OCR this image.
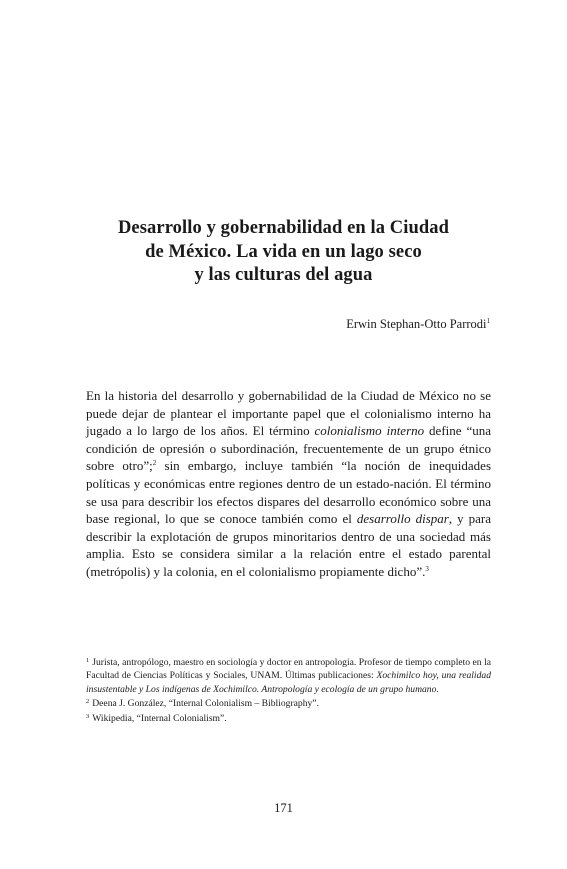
Desarrollo y gobernabilidad en la Ciudad
de México. La vida en un lago seco
y las culturas del agua
Erwin Stephan-Otto Parrodi$^1$

En la historia del desarrollo y gobernabilidad de la Ciudad de México no se puede dejar de plantear el importante papel que el colonialismo interno ha jugado a lo largo de los años. El término colonialismo interno define “una condición de opresión o subordinación, frecuentemente de un grupo étnico sobre otro”;$^2$ sin embargo, incluye también “la noción de inequidades políticas y económicas entre regiones dentro de un estado-nación. El término se usa para describir los efectos dispares del desarrollo económico sobre una base regional, lo que se conoce también como el desarrollo dispar, y para describir la explotación de grupos minoritarios dentro de una sociedad más amplia. Esto se considera similar a la relación entre el estado parental (metrópolis) y la colonia, en el colonialismo propiamente dicho”.$^3$

$^1$ Jurista, antropólogo, maestro en sociología y doctor en antropología. Profesor de tiempo completo en la Facultad de Ciencias Políticas y Sociales, UNAM. Últimas publicaciones: Xochimilco hoy, una realidad insustentable y Los indígenas de Xochimilco. Antropología y ecología de un grupo humano.

$^2$ Deena J. González, “Internal Colonialism – Bibliography”.

$^3$ Wikipedia, “Internal Colonialism”.

171
